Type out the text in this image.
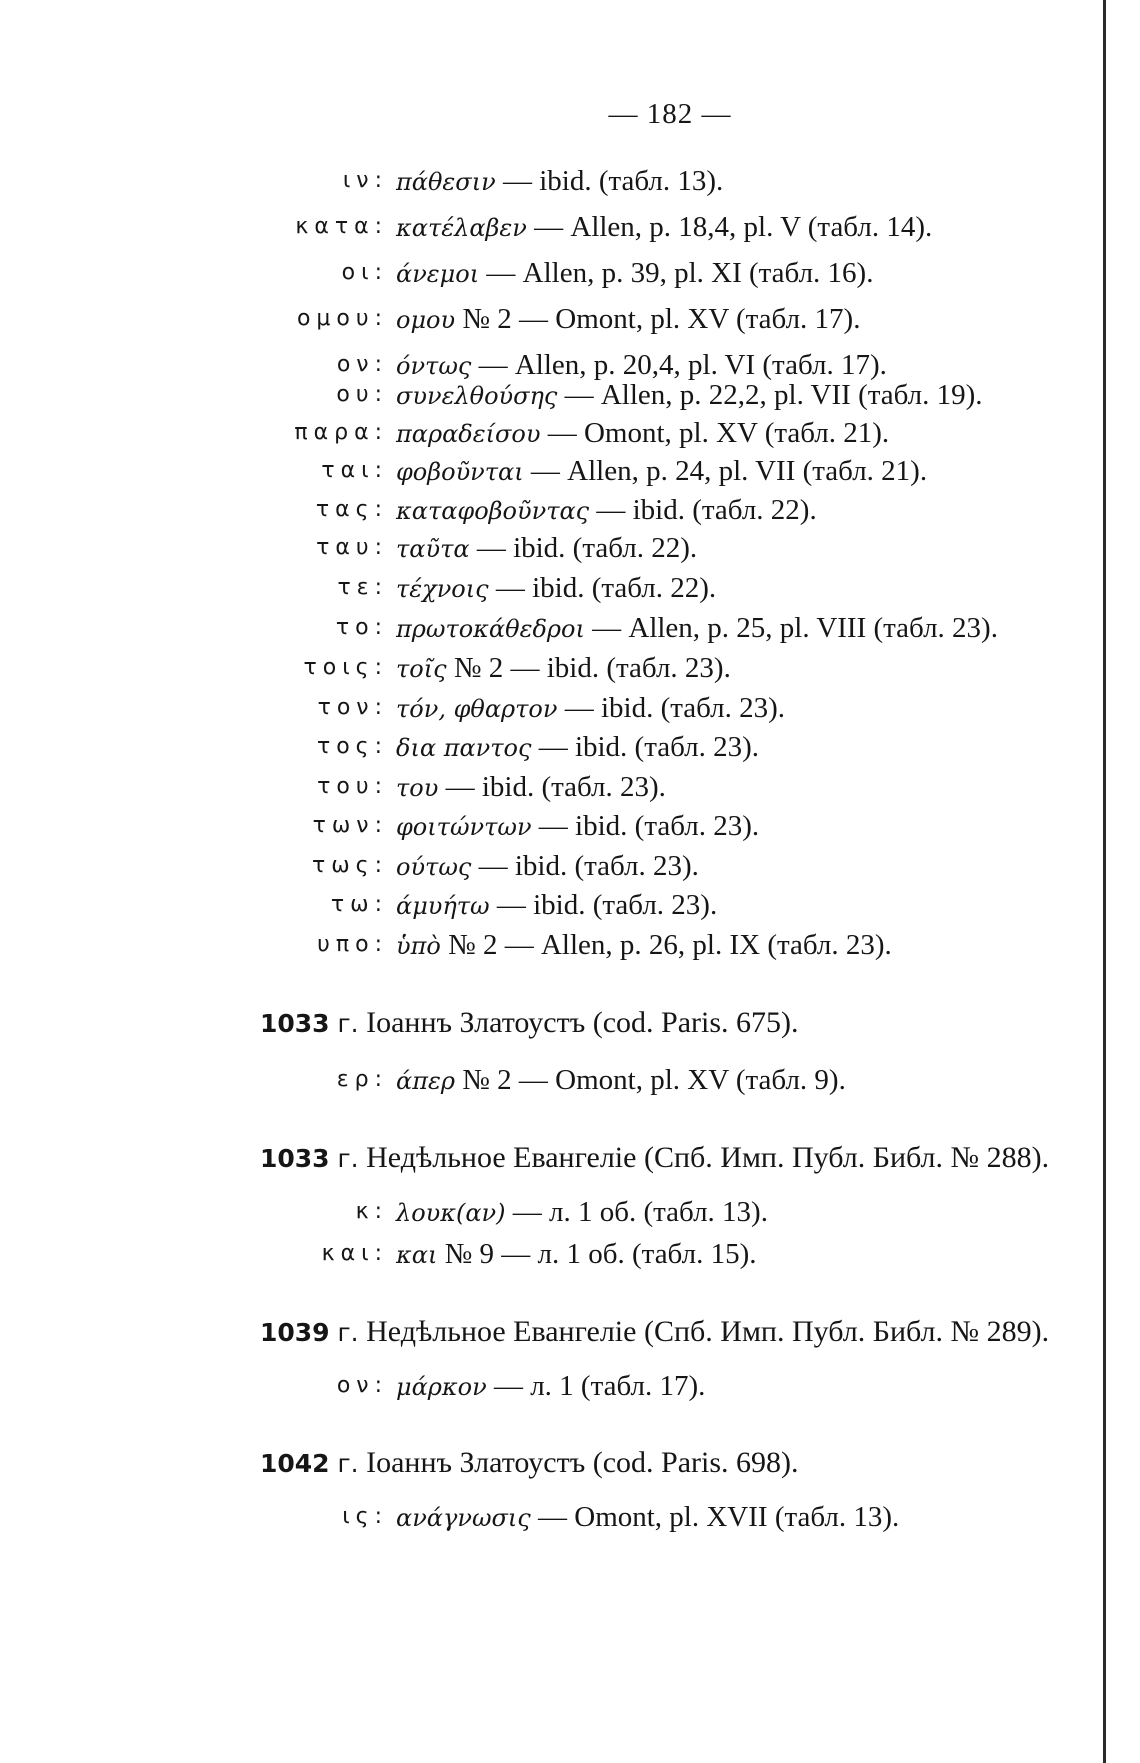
— 182 —
ιν: πάθεσιν — ibid. (табл. 13).
κατα: κατέλαβεν — Allen, p. 18,4, pl. V (табл. 14).
οι: άνεμοι — Allen, p. 39, pl. XI (табл. 16).
ομου: ομου № 2 — Omont, pl. XV (табл. 17).
ον: όντως — Allen, p. 20,4, pl. VI (табл. 17).
ου: συνελθούσης — Allen, p. 22,2, pl. VII (табл. 19).
παρα: παραδείσου — Omont, pl. XV (табл. 21).
ται: φοβοῦνται — Allen, p. 24, pl. VII (табл. 21).
τας: καταφοβοῦντας — ibid. (табл. 22).
ταυ: ταῦτα — ibid. (табл. 22).
τε: τέχνοις — ibid. (табл. 22).
το: πρωτοκάθεδροι — Allen, p. 25, pl. VIII (табл. 23).
τοις: τοῖς № 2 — ibid. (табл. 23).
τον: τόν, φθαρτον — ibid. (табл. 23).
τος: δια παντος — ibid. (табл. 23).
του: του — ibid. (табл. 23).
των: φοιτώντων — ibid. (табл. 23).
τως: ούτως — ibid. (табл. 23).
τω: άμυήτω — ibid. (табл. 23).
υπο: ὑπὸ № 2 — Allen, p. 26, pl. IX (табл. 23).
1033 г. Іоаннъ Златоустъ (cod. Paris. 675).
ερ: άπερ № 2 — Omont, pl. XV (табл. 9).
1033 г. Недѣльное Евангеліе (Спб. Имп. Публ. Библ. № 288).
κ: λουκ(αν) — л. 1 об. (табл. 13).
και: και № 9 — л. 1 об. (табл. 15).
1039 г. Недѣльное Евангеліе (Спб. Имп. Публ. Библ. № 289).
ον: μάρκον — л. 1 (табл. 17).
1042 г. Іоаннъ Златоустъ (cod. Paris. 698).
ις: ανάγνωσις — Omont, pl. XVII (табл. 13).
